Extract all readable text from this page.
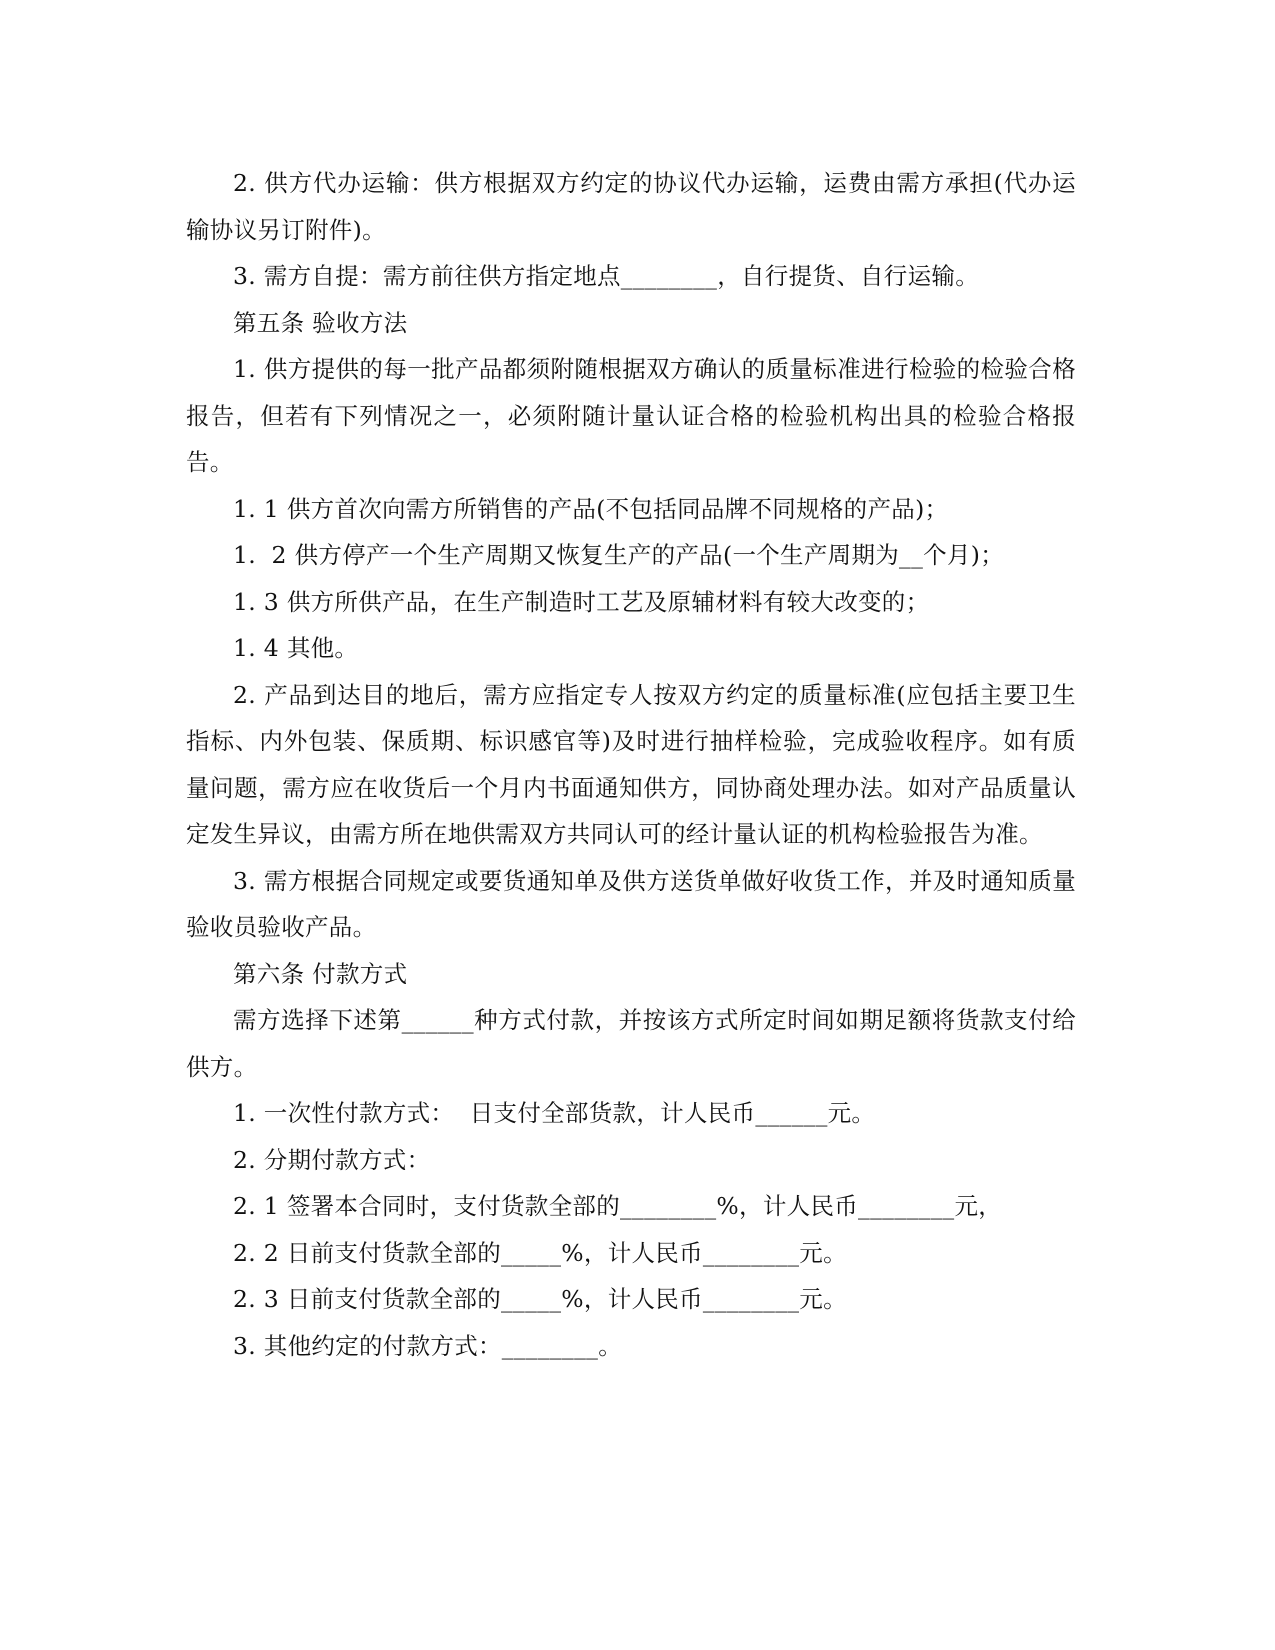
2. 供方代办运输：供方根据双方约定的协议代办运输，运费由需方承担(代办运输协议另订附件)。

3. 需方自提：需方前往供方指定地点________，自行提货、自行运输。

第五条 验收方法

1. 供方提供的每一批产品都须附随根据双方确认的质量标准进行检验的检验合格报告，但若有下列情况之一，必须附随计量认证合格的检验机构出具的检验合格报告。

1. 1 供方首次向需方所销售的产品(不包括同品牌不同规格的产品)；

1.  2 供方停产一个生产周期又恢复生产的产品(一个生产周期为__个月)；

1. 3 供方所供产品，在生产制造时工艺及原辅材料有较大改变的；

1. 4 其他。

2. 产品到达目的地后，需方应指定专人按双方约定的质量标准(应包括主要卫生指标、内外包装、保质期、标识感官等)及时进行抽样检验，完成验收程序。如有质量问题，需方应在收货后一个月内书面通知供方，同协商处理办法。如对产品质量认定发生异议，由需方所在地供需双方共同认可的经计量认证的机构检验报告为准。

3. 需方根据合同规定或要货通知单及供方送货单做好收货工作，并及时通知质量验收员验收产品。

第六条 付款方式

需方选择下述第______种方式付款，并按该方式所定时间如期足额将货款支付给供方。

1. 一次性付款方式：  日支付全部货款，计人民币______元。

2. 分期付款方式：

2. 1 签署本合同时，支付货款全部的________%，计人民币________元，

2. 2 日前支付货款全部的_____%，计人民币________元。

2. 3 日前支付货款全部的_____%，计人民币________元。

3. 其他约定的付款方式：________。
